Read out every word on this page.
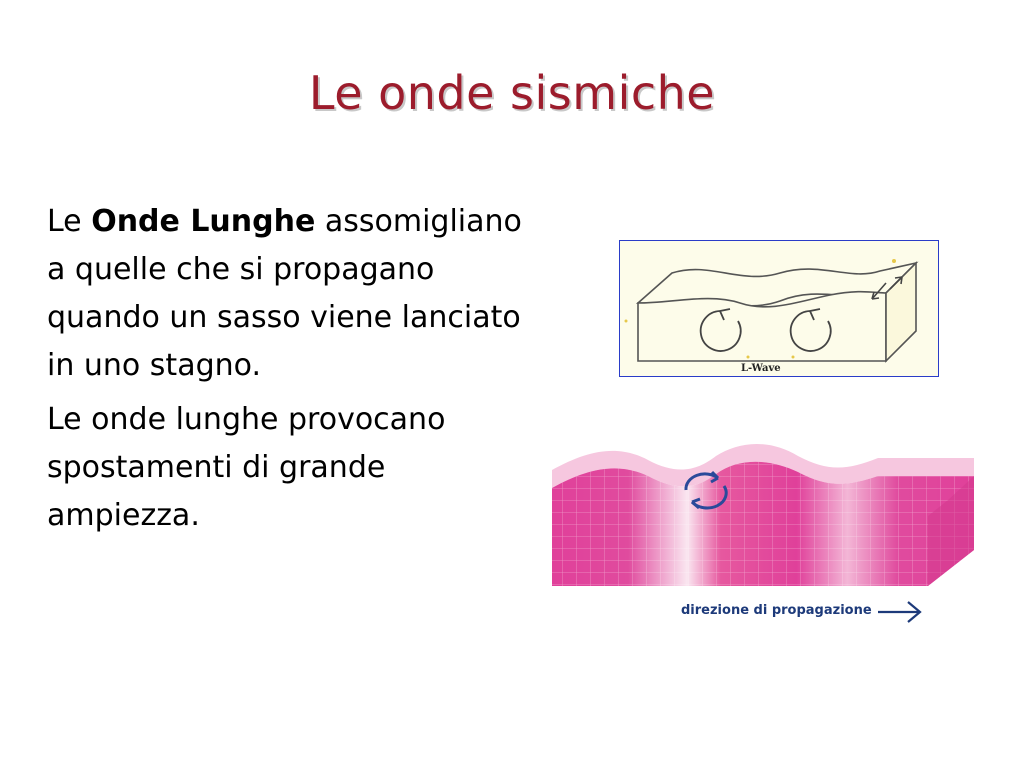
Le onde sismiche

Le Onde Lunghe assomigliano a quelle che si propagano quando un sasso viene lanciato in uno stagno.

Le onde lunghe provocano spostamenti di grande ampiezza.

L-Wave
direzione di propagazione
